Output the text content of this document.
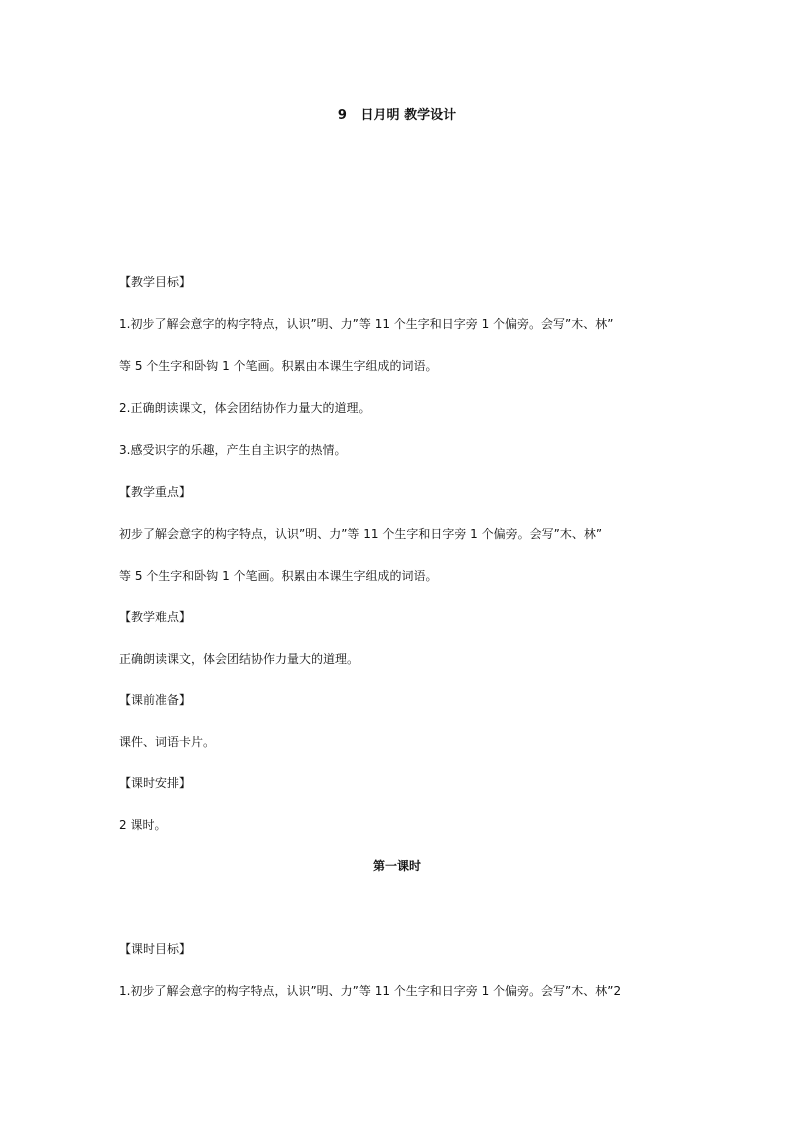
9   日月明 教学设计
【教学目标】
1.初步了解会意字的构字特点，认识”明、力”等 11 个生字和日字旁 1 个偏旁。会写”木、林”
等 5 个生字和卧钩 1 个笔画。积累由本课生字组成的词语。
2.正确朗读课文，体会团结协作力量大的道理。
3.感受识字的乐趣，产生自主识字的热情。
【教学重点】
初步了解会意字的构字特点，认识”明、力”等 11 个生字和日字旁 1 个偏旁。会写”木、林”
等 5 个生字和卧钩 1 个笔画。积累由本课生字组成的词语。
【教学难点】
正确朗读课文，体会团结协作力量大的道理。
【课前准备】
课件、词语卡片。
【课时安排】
2 课时。
第一课时
【课时目标】
1.初步了解会意字的构字特点，认识”明、力”等 11 个生字和日字旁 1 个偏旁。会写”木、林”2
